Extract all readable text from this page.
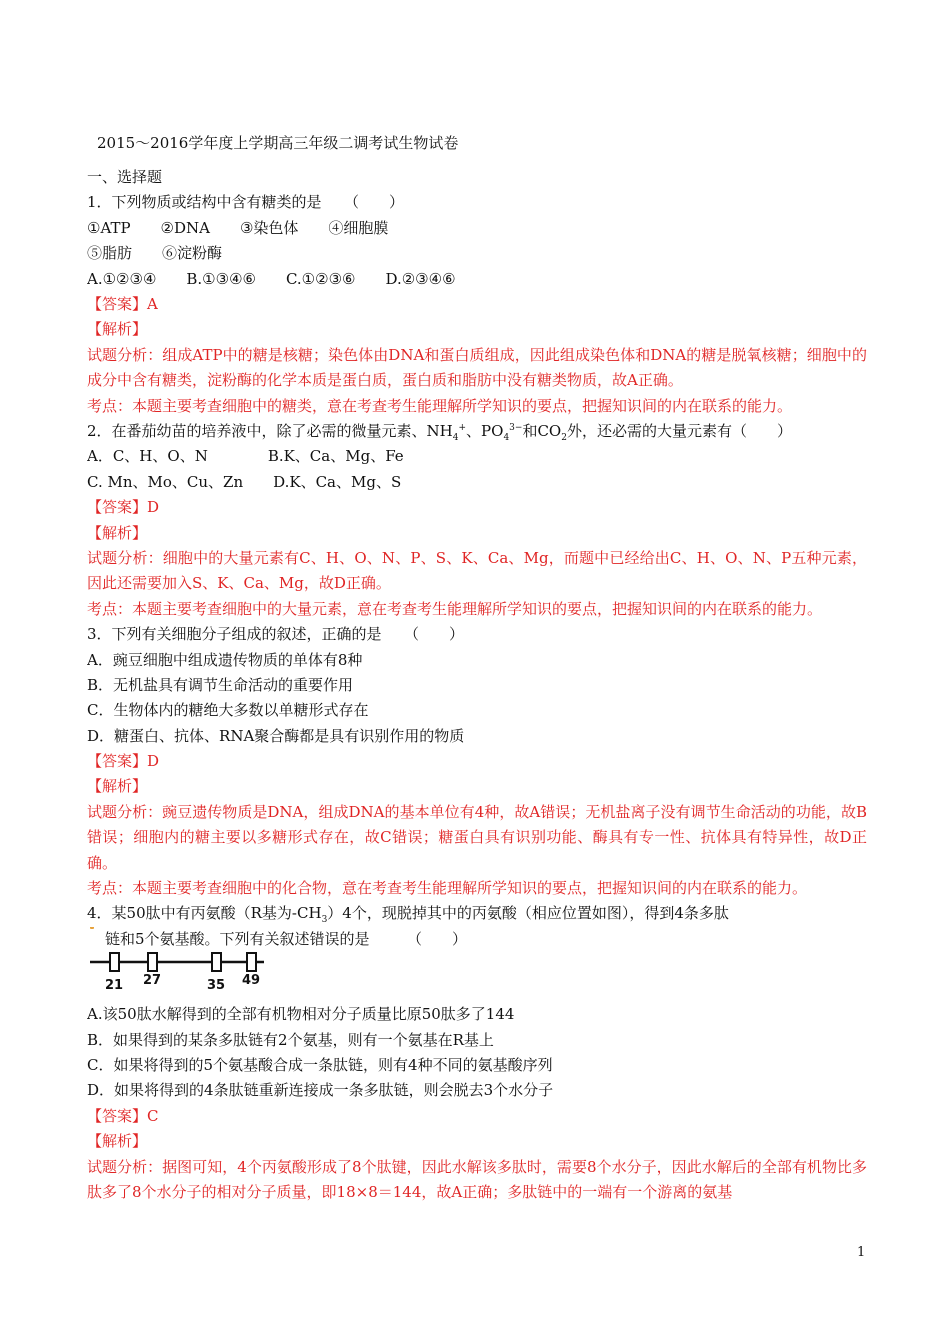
2015～2016学年度上学期高三年级二调考试生物试卷
一、选择题
1．下列物质或结构中含有糖类的是　　（　　）
①ATP　　②DNA　　③染色体　　④细胞膜
⑤脂肪　　⑥淀粉酶
A.①②③④　　B.①③④⑥　　C.①②③⑥　　D.②③④⑥
【答案】A
【解析】
试题分析：组成ATP中的糖是核糖；染色体由DNA和蛋白质组成，因此组成染色体和DNA的糖是脱氧核糖；细胞中的成分中含有糖类，淀粉酶的化学本质是蛋白质，蛋白质和脂肪中没有糖类物质，故A正确。
考点：本题主要考查细胞中的糖类，意在考查考生能理解所学知识的要点，把握知识间的内在联系的能力。
2．在番茄幼苗的培养液中，除了必需的微量元素、$NH_4^+$、$PO_4^{3-}$和$CO_2$外，还必需的大量元素有（　　）
A．C、H、O、N　　　　B.K、Ca、Mg、Fe
C. Mn、Mo、Cu、Zn　　D.K、Ca、Mg、S
【答案】D
【解析】
试题分析：细胞中的大量元素有C、H、O、N、P、S、K、Ca、Mg，而题中已经给出C、H、O、N、P五种元素，因此还需要加入S、K、Ca、Mg，故D正确。
考点：本题主要考查细胞中的大量元素，意在考查考生能理解所学知识的要点，把握知识间的内在联系的能力。
3．下列有关细胞分子组成的叙述，正确的是　　（　　）
A．豌豆细胞中组成遗传物质的单体有8种
B．无机盐具有调节生命活动的重要作用
C．生物体内的糖绝大多数以单糖形式存在
D．糖蛋白、抗体、RNA聚合酶都是具有识别作用的物质
【答案】D
【解析】
试题分析：豌豆遗传物质是DNA，组成DNA的基本单位有4种，故A错误；无机盐离子没有调节生命活动的功能，故B错误；细胞内的糖主要以多糖形式存在，故C错误；糖蛋白具有识别功能、酶具有专一性、抗体具有特异性，故D正确。
考点：本题主要考查细胞中的化合物，意在考查考生能理解所学知识的要点，把握知识间的内在联系的能力。
4．某50肽中有丙氨酸（R基为$-CH_3)4$个，现脱掉其中的丙氨酸（相应位置如图），得到4条多肽
链和5个氨基酸。下列有关叙述错误的是　　　（　　）
21 27	35 49
A.该50肽水解得到的全部有机物相对分子质量比原50肽多了144
B．如果得到的某条多肽链有2个氨基，则有一个氨基在R基上
C．如果将得到的5个氨基酸合成一条肽链，则有4种不同的氨基酸序列
D．如果将得到的4条肽链重新连接成一条多肽链，则会脱去3个水分子
【答案】C
【解析】
试题分析：据图可知，4个丙氨酸形成了8个肽键，因此水解该多肽时，需要8个水分子，因此水解后的全部有机物比多肽多了8个水分子的相对分子质量，即18×8＝144，故A正确；多肽链中的一端有一个游离的氨基
1
